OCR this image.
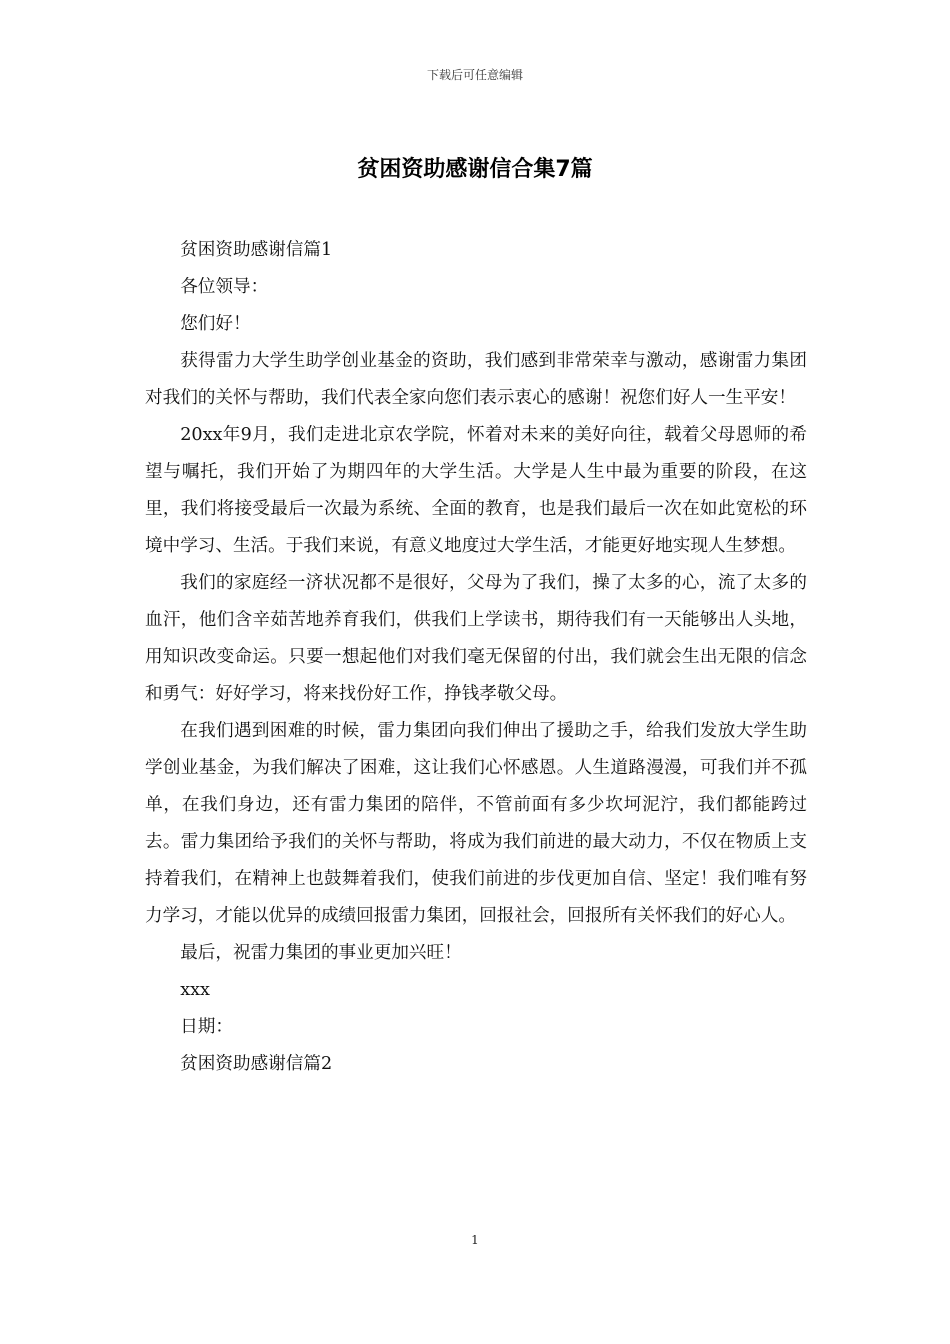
下载后可任意编辑
贫困资助感谢信合集7篇

贫困资助感谢信篇1

各位领导：

您们好！

获得雷力大学生助学创业基金的资助，我们感到非常荣幸与激动，感谢雷力集团对我们的关怀与帮助，我们代表全家向您们表示衷心的感谢！祝您们好人一生平安！

20xx年9月，我们走进北京农学院，怀着对未来的美好向往，载着父母恩师的希望与嘱托，我们开始了为期四年的大学生活。大学是人生中最为重要的阶段，在这里，我们将接受最后一次最为系统、全面的教育，也是我们最后一次在如此宽松的环境中学习、生活。于我们来说，有意义地度过大学生活，才能更好地实现人生梦想。

我们的家庭经一济状况都不是很好，父母为了我们，操了太多的心，流了太多的血汗，他们含辛茹苦地养育我们，供我们上学读书，期待我们有一天能够出人头地，用知识改变命运。只要一想起他们对我们毫无保留的付出，我们就会生出无限的信念和勇气：好好学习，将来找份好工作，挣钱孝敬父母。

在我们遇到困难的时候，雷力集团向我们伸出了援助之手，给我们发放大学生助学创业基金，为我们解决了困难，这让我们心怀感恩。人生道路漫漫，可我们并不孤单，在我们身边，还有雷力集团的陪伴，不管前面有多少坎坷泥泞，我们都能跨过去。雷力集团给予我们的关怀与帮助，将成为我们前进的最大动力，不仅在物质上支持着我们，在精神上也鼓舞着我们，使我们前进的步伐更加自信、坚定！我们唯有努力学习，才能以优异的成绩回报雷力集团，回报社会，回报所有关怀我们的好心人。

最后，祝雷力集团的事业更加兴旺！

xxx

日期：

贫困资助感谢信篇2

1
